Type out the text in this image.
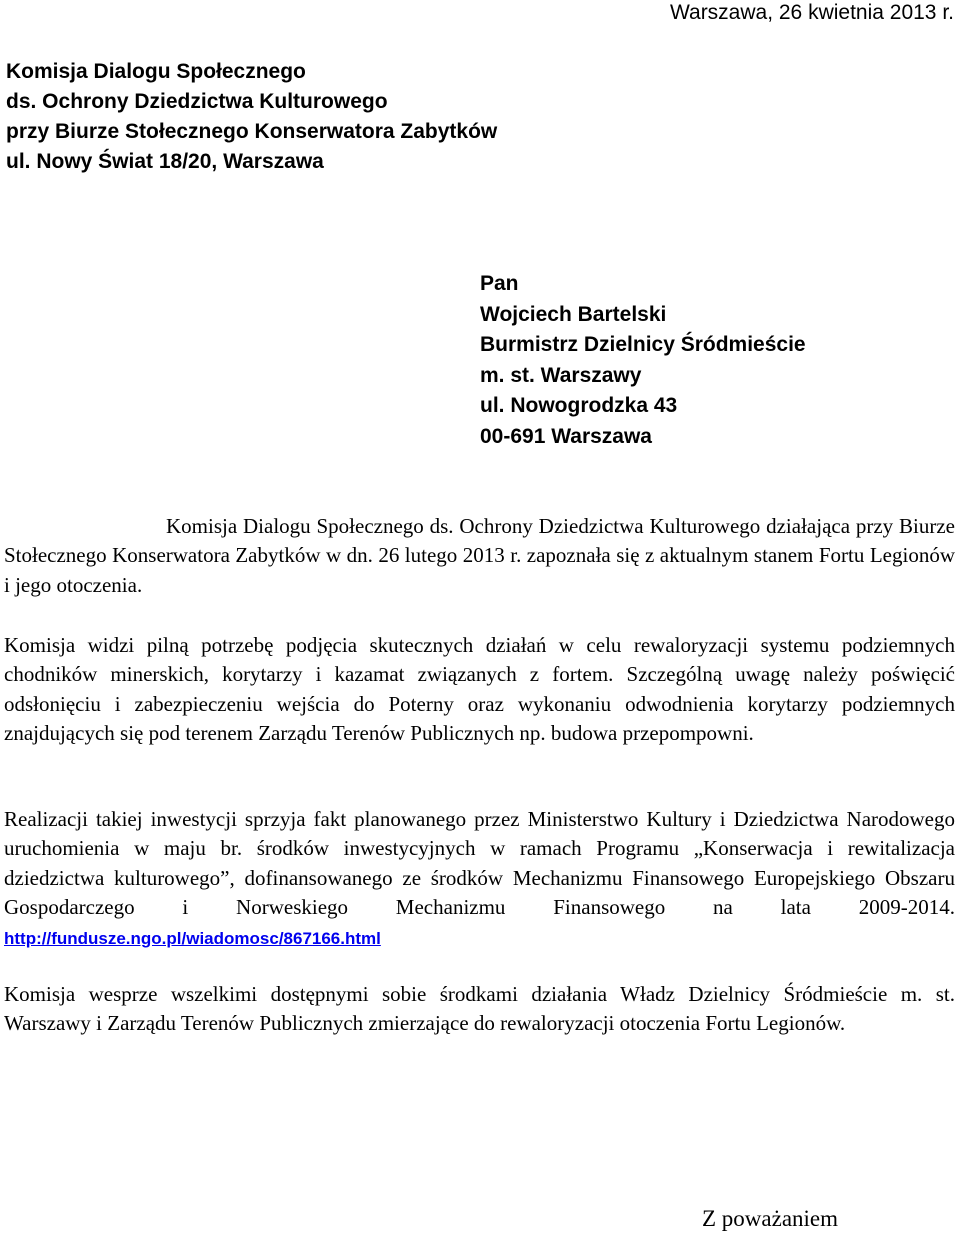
Warszawa, 26 kwietnia 2013 r.
Komisja Dialogu Społecznego
ds. Ochrony Dziedzictwa Kulturowego
przy Biurze Stołecznego Konserwatora Zabytków
ul. Nowy Świat 18/20, Warszawa
Pan
Wojciech Bartelski
Burmistrz Dzielnicy Śródmieście
m. st. Warszawy
ul. Nowogrodzka 43
00-691 Warszawa

Komisja Dialogu Społecznego ds. Ochrony Dziedzictwa Kulturowego działająca przy Biurze Stołecznego Konserwatora Zabytków w dn. 26 lutego 2013 r. zapoznała się z aktualnym stanem Fortu Legionów i jego otoczenia.

Komisja widzi pilną potrzebę podjęcia skutecznych działań w celu rewaloryzacji systemu podziemnych chodników minerskich, korytarzy i kazamat związanych z fortem. Szczególną uwagę należy poświęcić odsłonięciu i zabezpieczeniu wejścia do Poterny oraz wykonaniu odwodnienia korytarzy podziemnych znajdujących się pod terenem Zarządu Terenów Publicznych np. budowa przepompowni.

Realizacji takiej inwestycji sprzyja fakt planowanego przez Ministerstwo Kultury i Dziedzictwa Narodowego uruchomienia w maju br. środków inwestycyjnych w ramach Programu „Konserwacja i rewitalizacja dziedzictwa kulturowego”, dofinansowanego ze środków Mechanizmu Finansowego Europejskiego Obszaru Gospodarczego i Norweskiego Mechanizmu Finansowego na lata 2009-2014. http://fundusze.ngo.pl/wiadomosc/867166.html

Komisja wesprze wszelkimi dostępnymi sobie środkami działania Władz Dzielnicy Śródmieście m. st. Warszawy i Zarządu Terenów Publicznych zmierzające do rewaloryzacji otoczenia Fortu Legionów.

Z poważaniem
